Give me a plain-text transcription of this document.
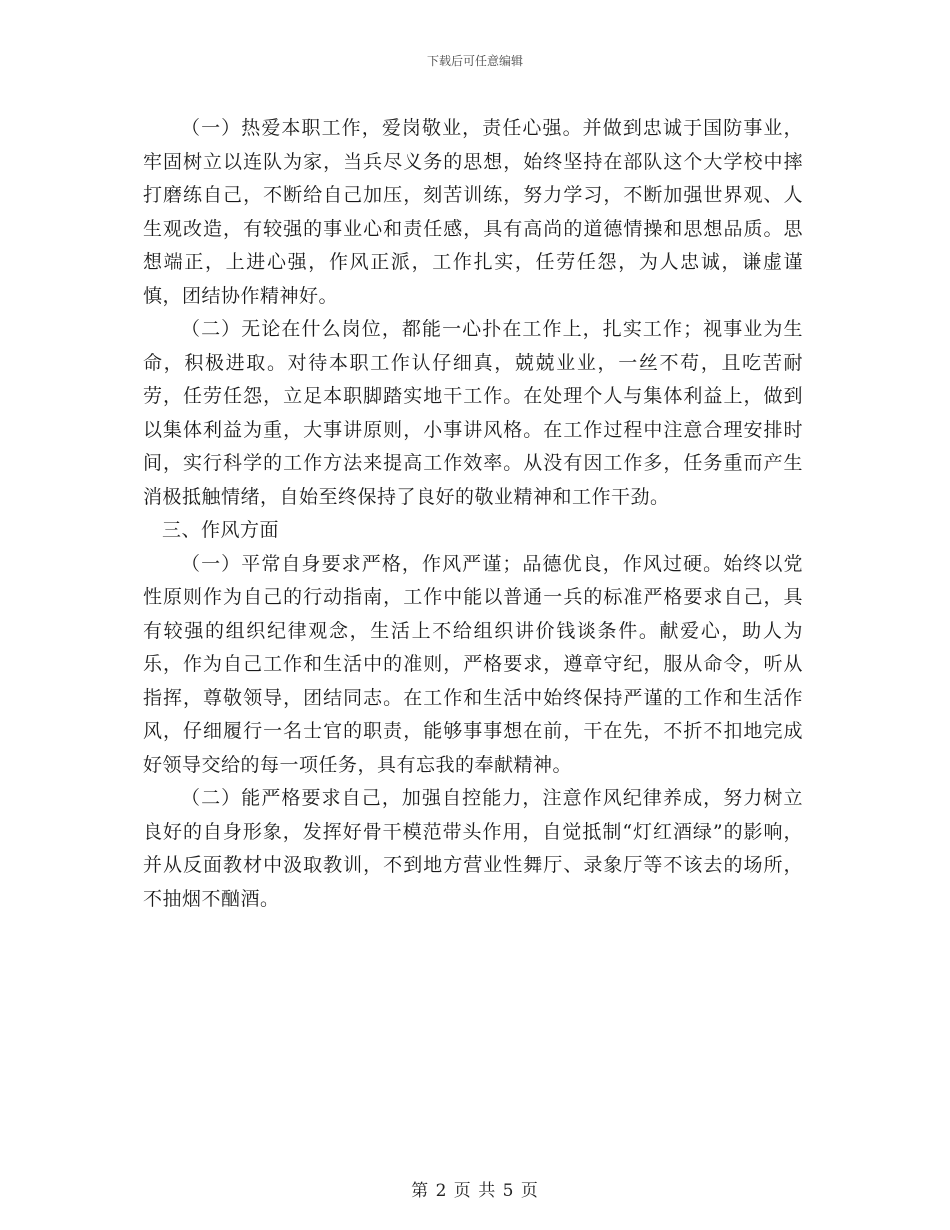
下载后可任意编辑

（一）热爱本职工作，爱岗敬业，责任心强。并做到忠诚于国防事业，牢固树立以连队为家，当兵尽义务的思想，始终坚持在部队这个大学校中摔打磨练自己，不断给自己加压，刻苦训练，努力学习，不断加强世界观、人生观改造，有较强的事业心和责任感，具有高尚的道德情操和思想品质。思想端正，上进心强，作风正派，工作扎实，任劳任怨，为人忠诚，谦虚谨慎，团结协作精神好。

（二）无论在什么岗位，都能一心扑在工作上，扎实工作；视事业为生命，积极进取。对待本职工作认仔细真，兢兢业业，一丝不苟，且吃苦耐劳，任劳任怨，立足本职脚踏实地干工作。在处理个人与集体利益上，做到以集体利益为重，大事讲原则，小事讲风格。在工作过程中注意合理安排时间，实行科学的工作方法来提高工作效率。从没有因工作多，任务重而产生消极抵触情绪，自始至终保持了良好的敬业精神和工作干劲。

三、作风方面

（一）平常自身要求严格，作风严谨；品德优良，作风过硬。始终以党性原则作为自己的行动指南，工作中能以普通一兵的标准严格要求自己，具有较强的组织纪律观念，生活上不给组织讲价钱谈条件。献爱心，助人为乐，作为自己工作和生活中的准则，严格要求，遵章守纪，服从命令，听从指挥，尊敬领导，团结同志。在工作和生活中始终保持严谨的工作和生活作风，仔细履行一名士官的职责，能够事事想在前，干在先，不折不扣地完成好领导交给的每一项任务，具有忘我的奉献精神。

（二）能严格要求自己，加强自控能力，注意作风纪律养成，努力树立良好的自身形象，发挥好骨干模范带头作用，自觉抵制“灯红酒绿”的影响，并从反面教材中汲取教训，不到地方营业性舞厅、录象厅等不该去的场所，不抽烟不酗酒。

第 2 页 共 5 页
